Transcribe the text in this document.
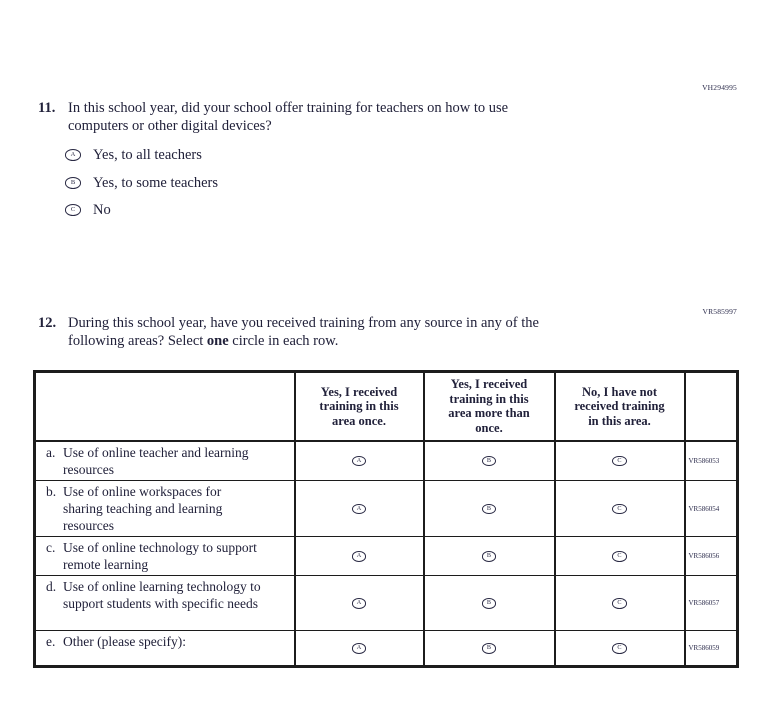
VH294995
11. In this school year, did your school offer training for teachers on how to use
computers or other digital devices?
A	Yes, to all teachers
B	Yes, to some teachers
C	No
VR585997
12. During this school year, have you received training from any source in any of the
following areas? Select one circle in each row.
	Yes, I received training in this area once.	Yes, I received training in this area more than once.	No, I have not received training in this area.	

a. Use of online teacher and learning resources	A	B	C	VR586053

b. Use of online workspaces for sharing teaching and learning resources	A	B	C	VR586054

c. Use of online technology to support remote learning	A	B	C	VR586056

d. Use of online learning technology to support students with specific needs	A	B	C	VR586057

e. Other (please specify):	A	B	C	VR586059
